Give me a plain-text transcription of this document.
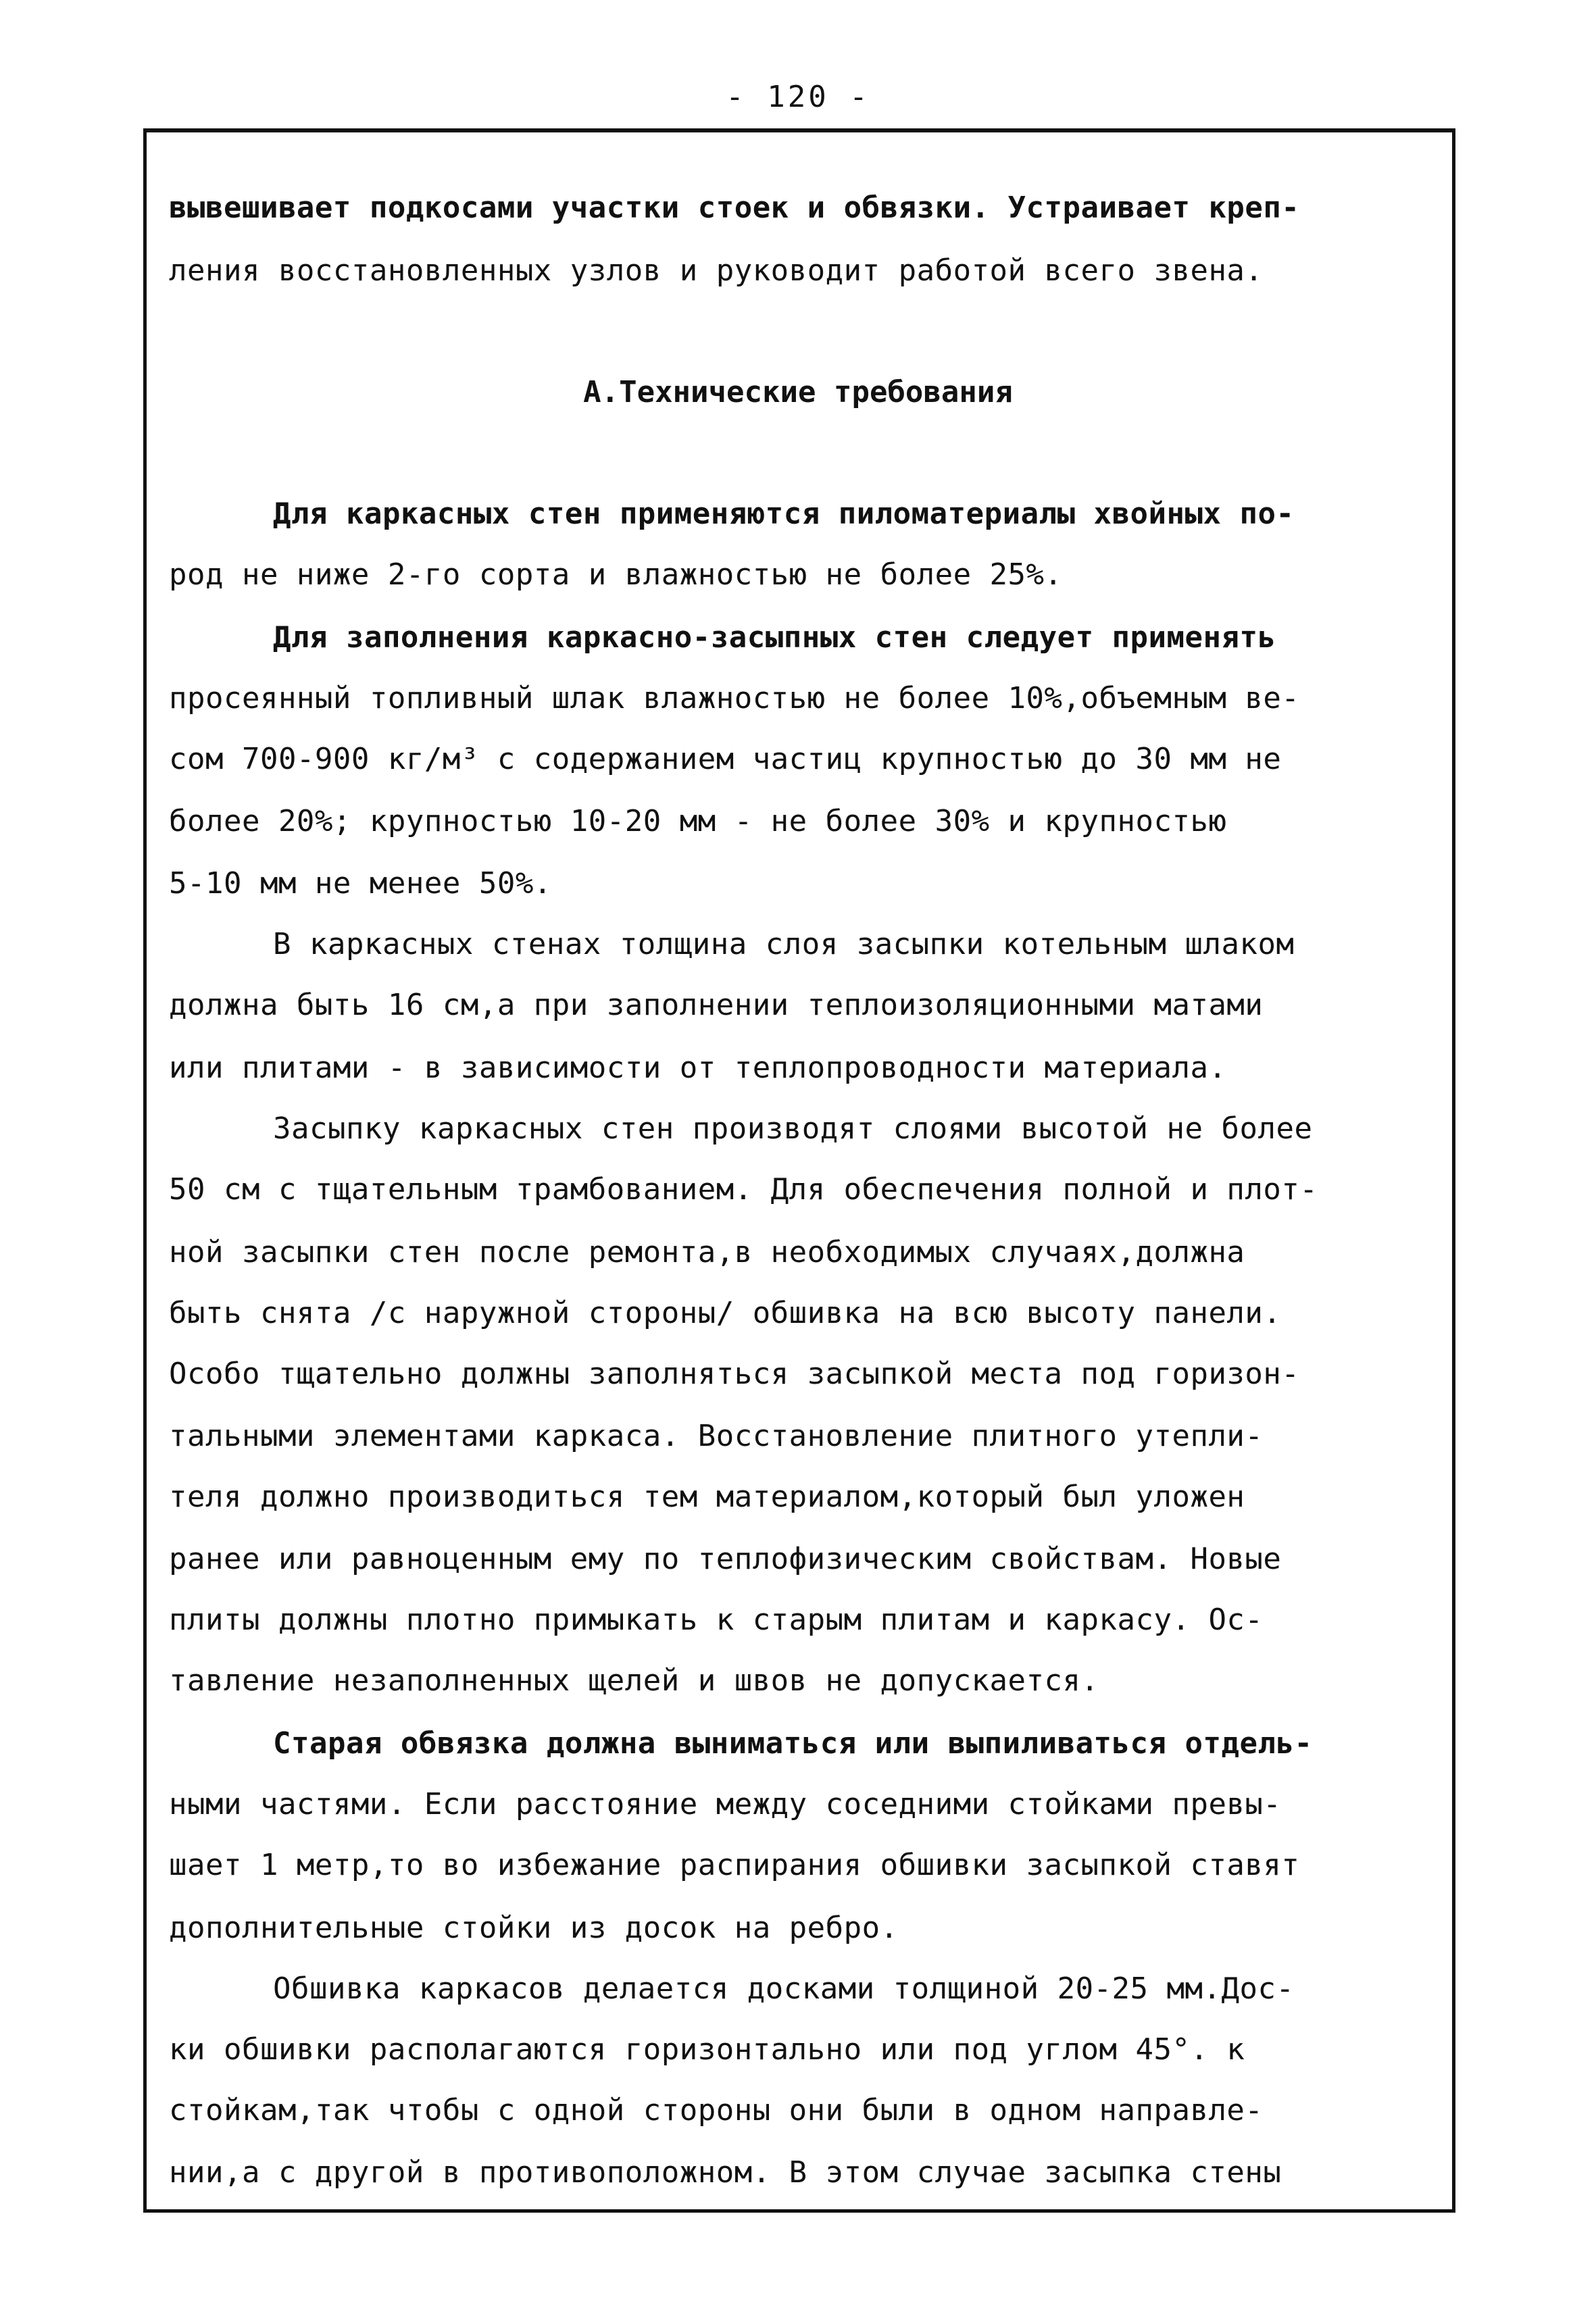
- 120 -
вывешивает подкосами участки стоек и обвязки. Устраивает креп-
ления восстановленных узлов и руководит работой всего звена.
А.Технические требования
Для каркасных стен применяются пиломатериалы хвойных по-
род не ниже 2-го сорта и влажностью не более 25%.
Для заполнения каркасно-засыпных стен следует применять
просеянный топливный шлак влажностью не более 10%,объемным ве-
сом 700-900 кг/м³ с содержанием частиц крупностью до 30 мм не
более 20%; крупностью 10-20 мм - не более 30% и крупностью
5-10 мм не менее 50%.
В каркасных стенах толщина слоя засыпки котельным шлаком
должна быть 16 см,а при заполнении теплоизоляционными матами
или плитами - в зависимости от теплопроводности материала.
Засыпку каркасных стен производят слоями высотой не более
50 см с тщательным трамбованием. Для обеспечения полной и плот-
ной засыпки стен после ремонта,в необходимых случаях,должна
быть снята /с наружной стороны/ обшивка на всю высоту панели.
Особо тщательно должны заполняться засыпкой места под горизон-
тальными элементами каркаса. Восстановление плитного утепли-
теля должно производиться тем материалом,который был уложен
ранее или равноценным ему по теплофизическим свойствам. Новые
плиты должны плотно примыкать к старым плитам и каркасу. Ос-
тавление незаполненных щелей и швов не допускается.
Старая обвязка должна выниматься или выпиливаться отдель-
ными частями. Если расстояние между соседними стойками превы-
шает 1 метр,то во избежание распирания обшивки засыпкой ставят
дополнительные стойки из досок на ребро.
Обшивка каркасов делается досками толщиной 20-25 мм.Дос-
ки обшивки располагаются горизонтально или под углом 45°. к
стойкам,так чтобы с одной стороны они были в одном направле-
нии,а с другой в противоположном. В этом случае засыпка стены
